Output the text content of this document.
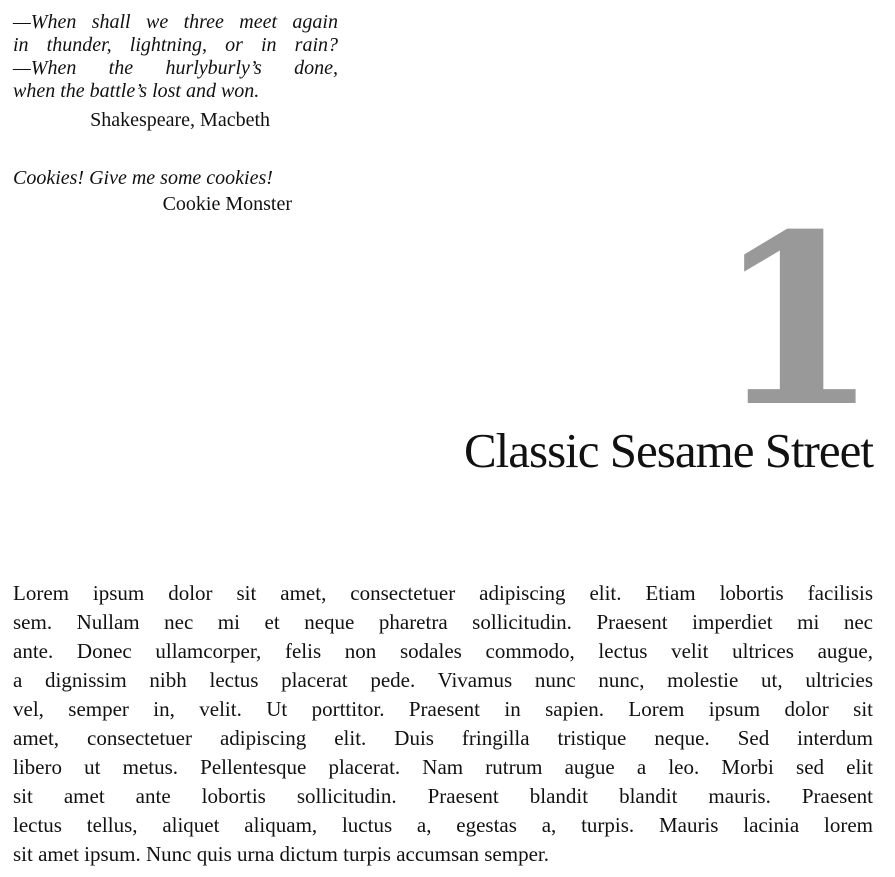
—When shall we three meet again
in thunder, lightning, or in rain?
—When the hurlyburly’s done,
when the battle’s lost and won.
Shakespeare, Macbeth
Cookies! Give me some cookies!
Cookie Monster 1
Classic Sesame Street

Lorem ipsum dolor sit amet, consectetuer adipiscing elit. Etiam lobortis facilisis
sem. Nullam nec mi et neque pharetra sollicitudin. Praesent imperdiet mi nec
ante. Donec ullamcorper, felis non sodales commodo, lectus velit ultrices augue,
a dignissim nibh lectus placerat pede. Vivamus nunc nunc, molestie ut, ultricies
vel, semper in, velit. Ut porttitor. Praesent in sapien. Lorem ipsum dolor sit
amet, consectetuer adipiscing elit. Duis fringilla tristique neque. Sed interdum
libero ut metus. Pellentesque placerat. Nam rutrum augue a leo. Morbi sed elit
sit amet ante lobortis sollicitudin. Praesent blandit blandit mauris. Praesent
lectus tellus, aliquet aliquam, luctus a, egestas a, turpis. Mauris lacinia lorem
sit amet ipsum. Nunc quis urna dictum turpis accumsan semper.
